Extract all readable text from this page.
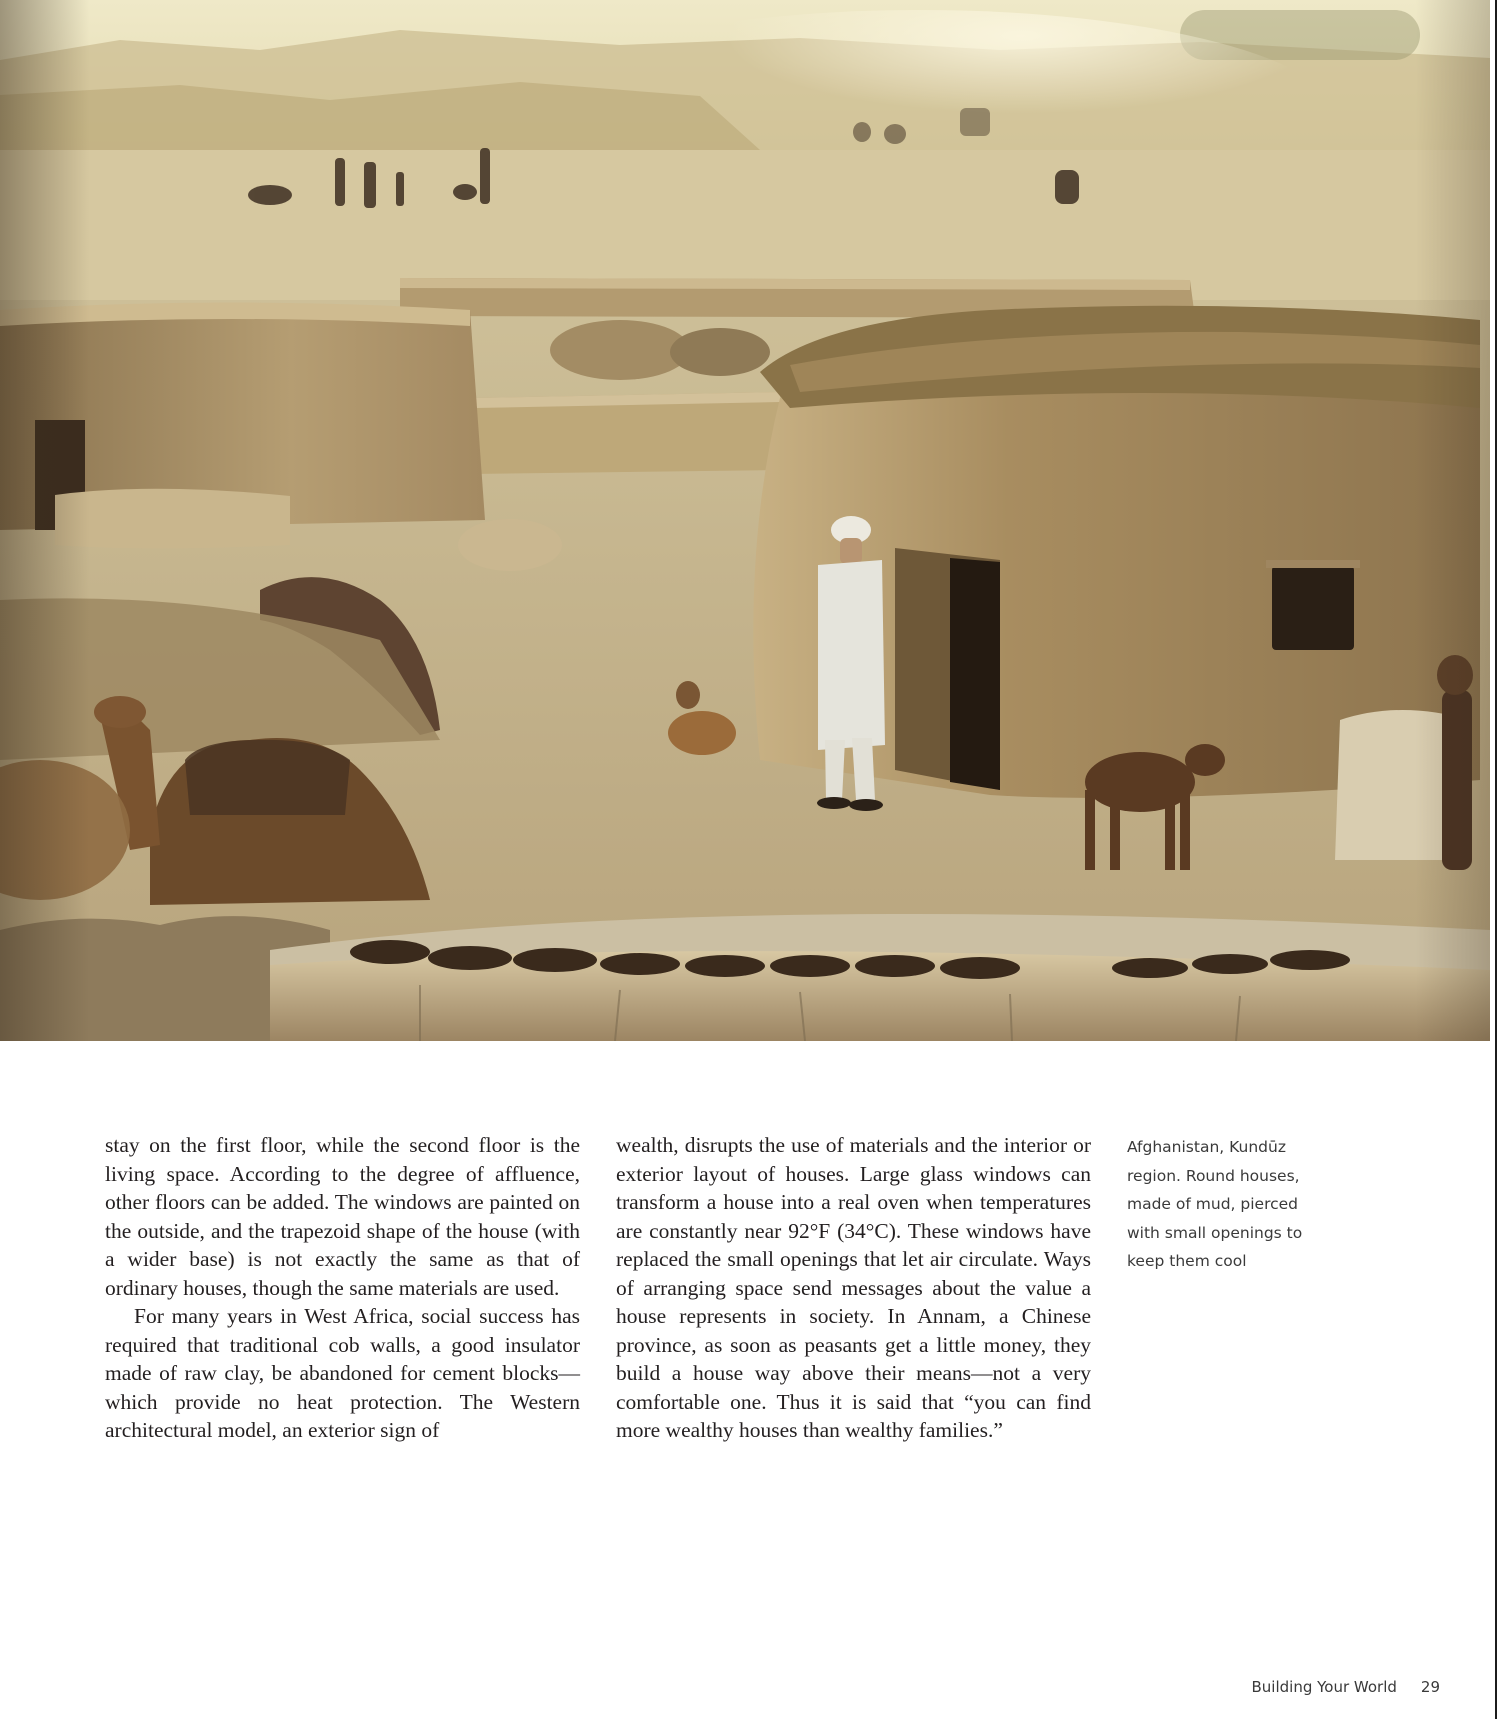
stay on the first floor, while the second floor is the living space. According to the degree of affluence, other floors can be added. The windows are painted on the outside, and the trapezoid shape of the house (with a wider base) is not exactly the same as that of ordinary houses, though the same materials are used.

For many years in West Africa, social success has required that traditional cob walls, a good insulator made of raw clay, be abandoned for cement blocks—which provide no heat protection. The Western architectural model, an exterior sign of

wealth, disrupts the use of materials and the interior or exterior layout of houses. Large glass windows can transform a house into a real oven when temperatures are constantly near 92°F (34°C). These windows have replaced the small openings that let air circulate. Ways of arranging space send messages about the value a house represents in society. In Annam, a Chinese province, as soon as peasants get a little money, they build a house way above their means—not a very comfortable one. Thus it is said that “you can find more wealthy houses than wealthy families.”

Afghanistan, Kundūz
region. Round houses,
made of mud, pierced
with small openings to
keep them cool
Building Your World 29
